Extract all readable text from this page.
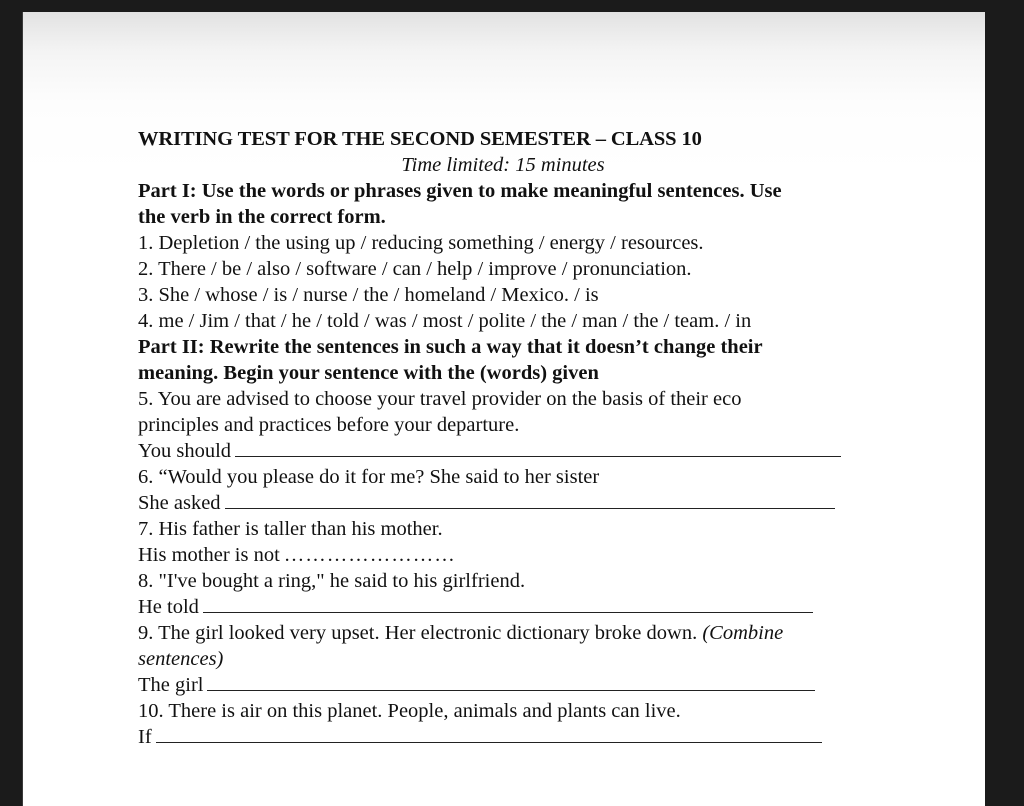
WRITING TEST FOR THE SECOND SEMESTER – CLASS 10

Time limited: 15 minutes

Part I: Use the words or phrases given to make meaningful sentences. Use

the verb in the correct form.

1. Depletion / the using up / reducing something / energy / resources.

2. There / be / also / software / can / help / improve / pronunciation.

3. She / whose / is / nurse / the / homeland / Mexico. / is

4. me / Jim / that / he / told / was / most / polite / the / man / the / team. / in

Part II: Rewrite the sentences in such a way that it doesn’t change their

meaning. Begin your sentence with the (words) given

5. You are advised to choose your travel provider on the basis of their eco

principles and practices before your departure.

You should

6. “Would you please do it for me? She said to her sister

She asked

7. His father is taller than his mother.

His mother is not ……………………

8. "I've bought a ring," he said to his girlfriend.

He told

9. The girl looked very upset. Her electronic dictionary broke down. (Combine

sentences)

The girl

10. There is air on this planet. People, animals and plants can live.

If
